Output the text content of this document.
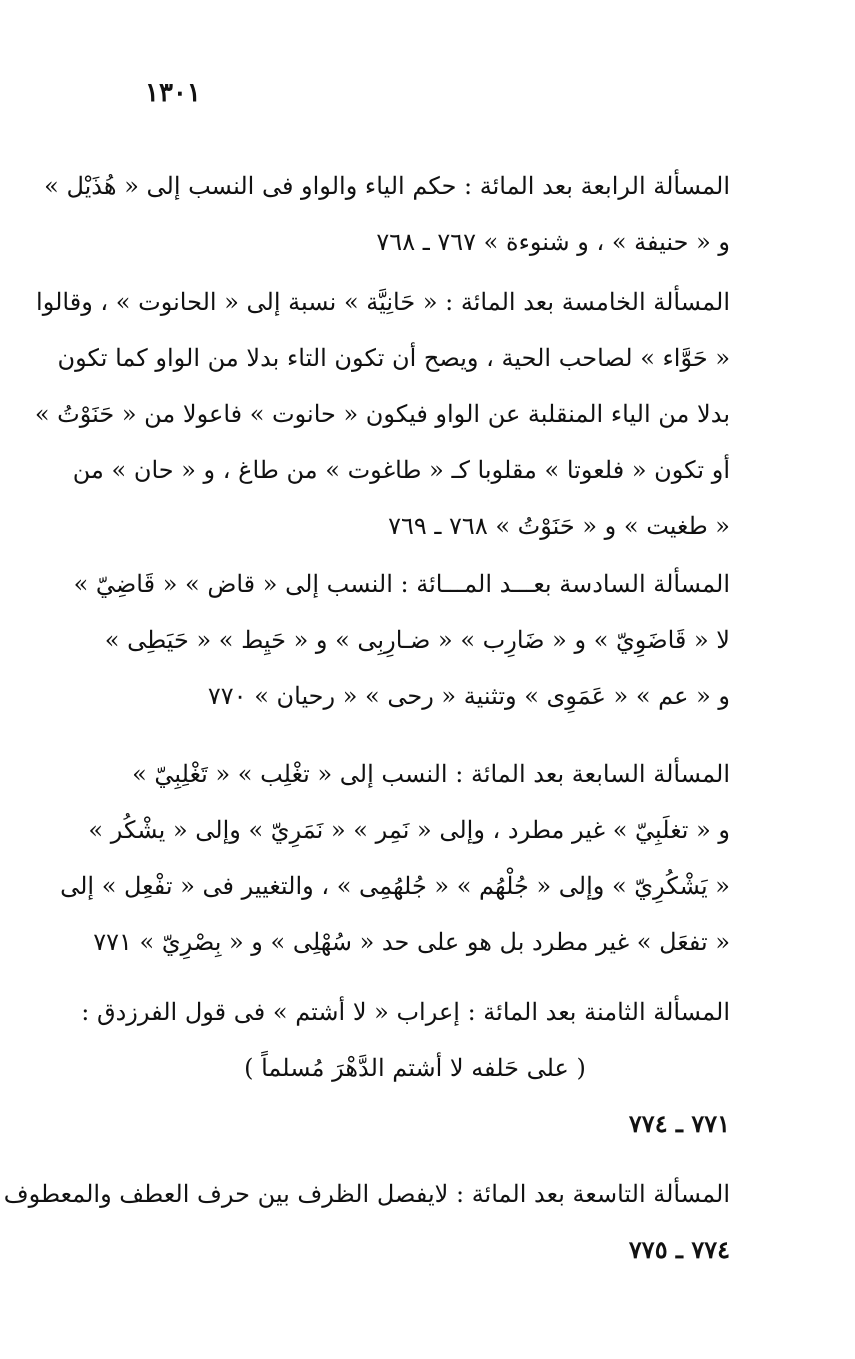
١٣٠١
المسألة الرابعة بعد المائة : حكم الياء والواو فى النسب إلى « هُذَيْل »
و « حنيفة » ، و شنوءة » ٧٦٧ ـ ٧٦٨
المسألة الخامسة بعد المائة : « حَانِيَّة » نسبة إلى « الحانوت » ، وقالوا
« حَوَّاء » لصاحب الحية ، ويصح أن تكون التاء بدلا من الواو كما تكون
بدلا من الياء المنقلبة عن الواو فيكون « حانوت » فاعولا من « حَنَوْتُ »
أو تكون « فلعوتا » مقلوبا كـ « طاغوت » من طاغ ، و « حان » من
« طغيت » و « حَنَوْتُ » ٧٦٨ ـ ٧٦٩
المسألة السادسة بعـــد المـــائة : النسب إلى « قاض » « قَاضِيّ »
لا « قَاضَوِيّ » و « ضَارِب » « ضـارِبِى » و « حَيِط » « حَيَطِى »
و « عم » « عَمَوِى » وتثنية « رحى » « رحيان » ٧٧٠
المسألة السابعة بعد المائة : النسب إلى « تغْلِب » « تَغْلِبِيّ »
و « تغلَبِيّ » غير مطرد ، وإلى « نَمِر » « نَمَرِيّ » وإلى « يشْكُر »
« يَشْكُرِيّ » وإلى « جُلْهُم » « جُلهُمِى » ، والتغيير فى « تفْعِل » إلى
« تفعَل » غير مطرد بل هو على حد « سُهْلِى » و « بِصْرِيّ » ٧٧١
المسألة الثامنة بعد المائة : إعراب « لا أشتم » فى قول الفرزدق :
( على حَلفه لا أشتم الدَّهْرَ مُسلماً )
٧٧١ ـ ٧٧٤
المسألة التاسعة بعد المائة : لايفصل الظرف بين حرف العطف والمعطوف
٧٧٤ ـ ٧٧٥
